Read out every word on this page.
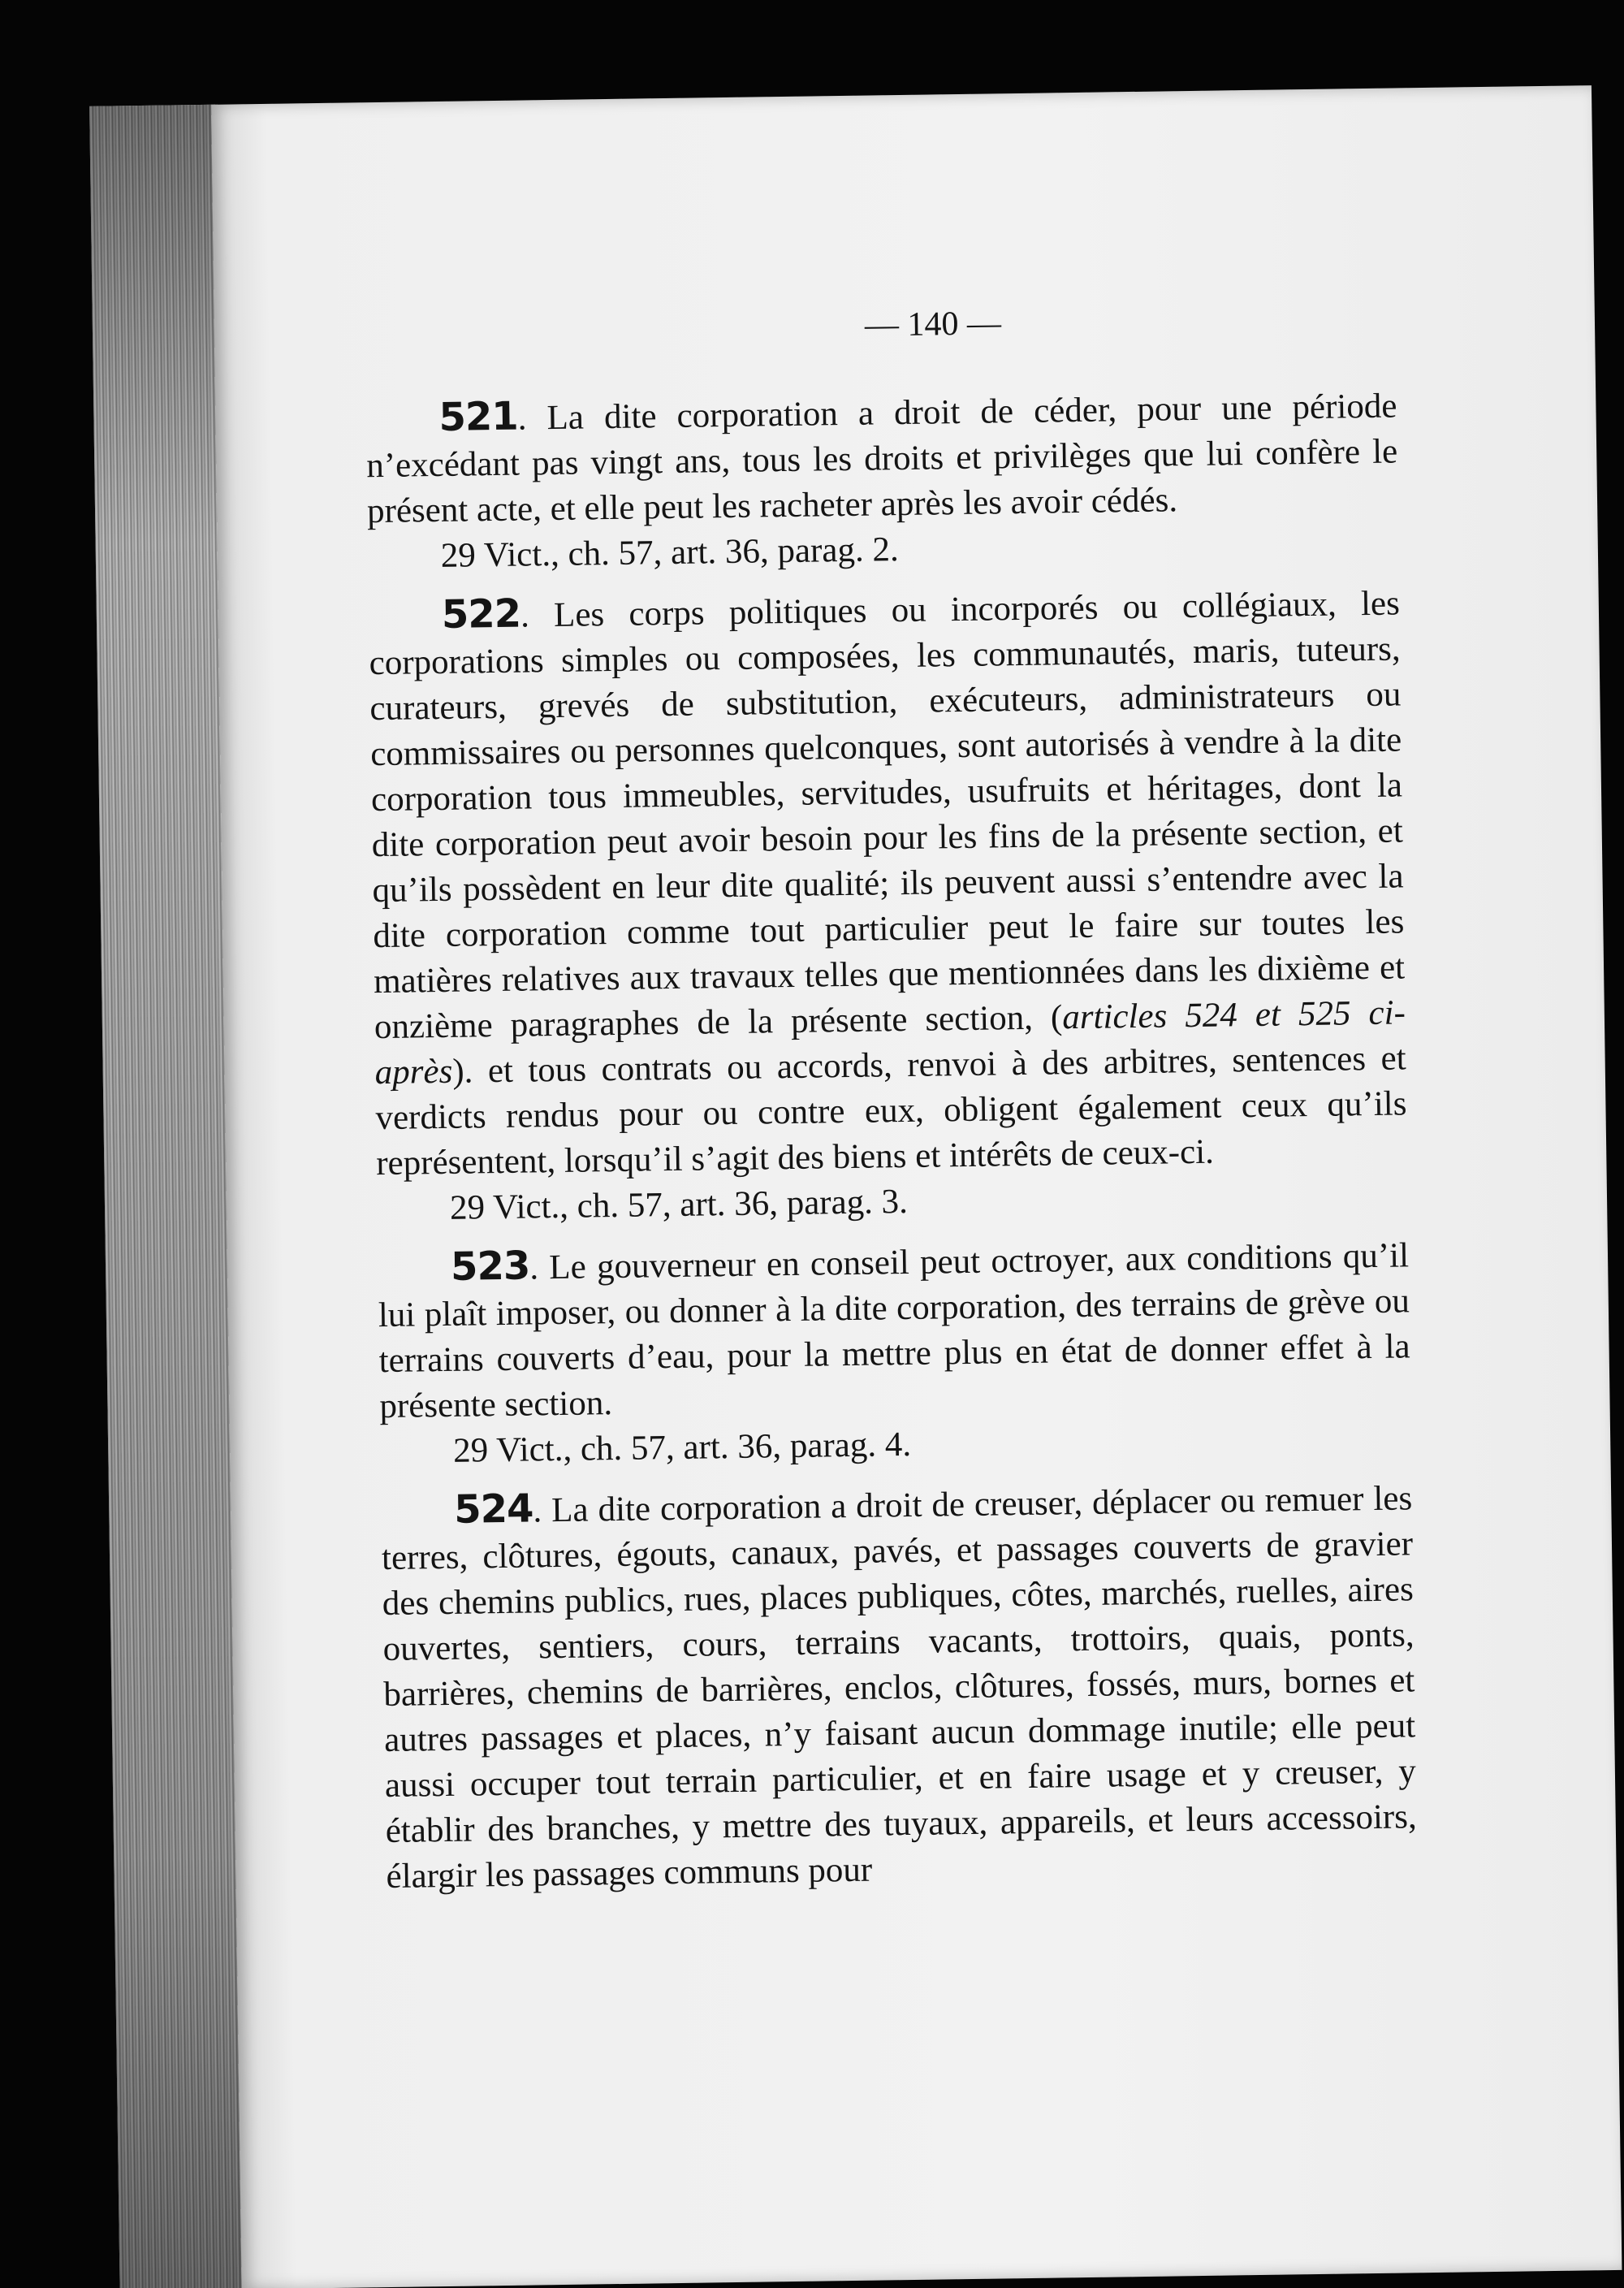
— 140 —

521. La dite corporation a droit de céder, pour une période n’excédant pas vingt ans, tous les droits et privilèges que lui confère le présent acte, et elle peut les racheter après les avoir cédés.

29 Vict., ch. 57, art. 36, parag. 2.

522. Les corps politiques ou incorporés ou collégiaux, les corporations simples ou composées, les communautés, maris, tuteurs, curateurs, grevés de substitution, exécuteurs, administrateurs ou commissaires ou personnes quelconques, sont autorisés à vendre à la dite corporation tous immeubles, servitudes, usufruits et héritages, dont la dite corporation peut avoir besoin pour les fins de la présente section, et qu’ils possèdent en leur dite qualité; ils peuvent aussi s’entendre avec la dite corporation comme tout particulier peut le faire sur toutes les matières relatives aux travaux telles que mentionnées dans les dixième et onzième paragraphes de la présente section, (articles 524 et 525 ci-après). et tous contrats ou accords, renvoi à des arbitres, sentences et verdicts rendus pour ou contre eux, obligent également ceux qu’ils représentent, lorsqu’il s’agit des biens et intérêts de ceux-ci.

29 Vict., ch. 57, art. 36, parag. 3.

523. Le gouverneur en conseil peut octroyer, aux conditions qu’il lui plaît imposer, ou donner à la dite corporation, des terrains de grève ou terrains couverts d’eau, pour la mettre plus en état de donner effet à la présente section.

29 Vict., ch. 57, art. 36, parag. 4.

524. La dite corporation a droit de creuser, déplacer ou remuer les terres, clôtures, égouts, canaux, pavés, et passages couverts de gravier des chemins publics, rues, places publiques, côtes, marchés, ruelles, aires ouvertes, sentiers, cours, terrains vacants, trottoirs, quais, ponts, barrières, chemins de barrières, enclos, clôtures, fossés, murs, bornes et autres passages et places, n’y faisant aucun dommage inutile; elle peut aussi occuper tout terrain particulier, et en faire usage et y creuser, y établir des branches, y mettre des tuyaux, appareils, et leurs accessoirs, élargir les passages communs pour
